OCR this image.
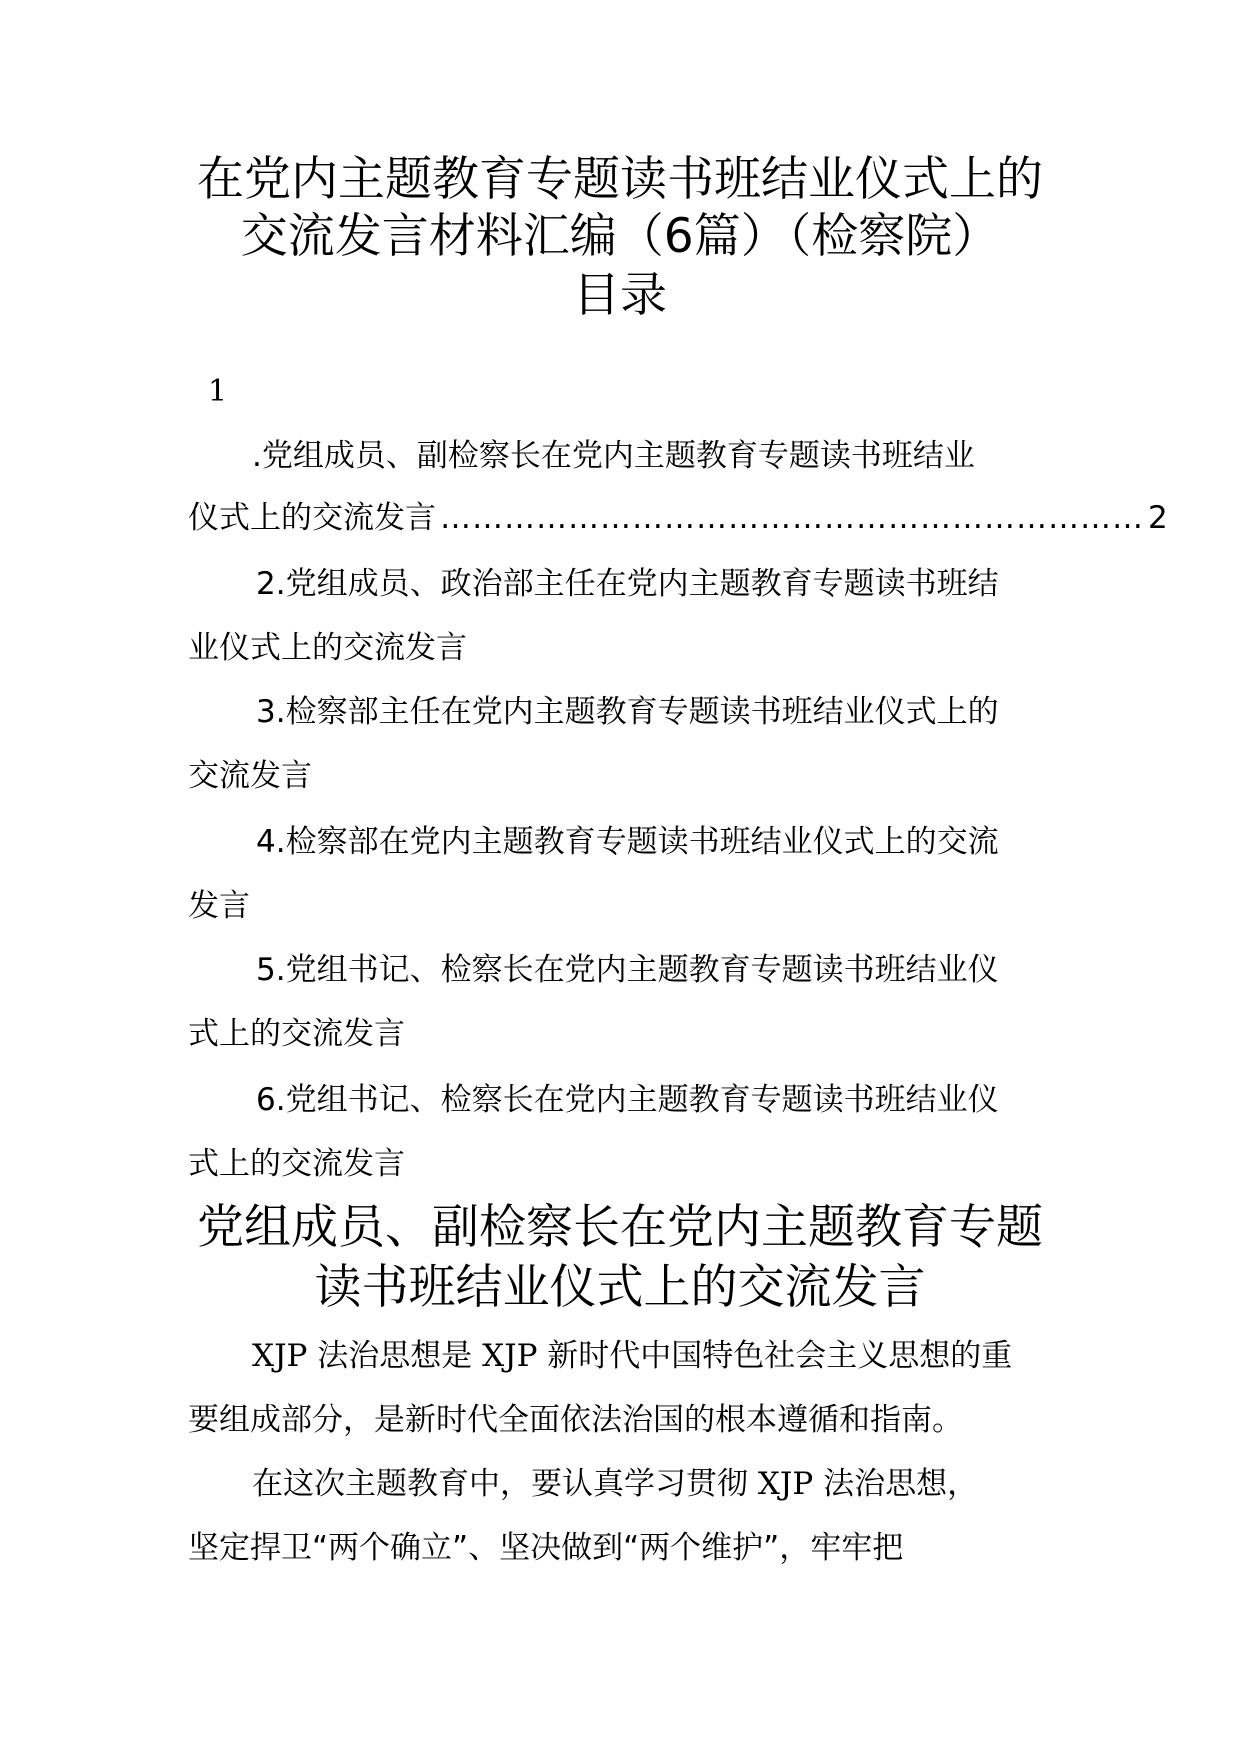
在党内主题教育专题读书班结业仪式上的
交流发言材料汇编（6篇）（检察院）
目录
1
.党组成员、副检察长在党内主题教育专题读书班结业
仪式上的交流发言 ………………………………………………………… 2
2.党组成员、政治部主任在党内主题教育专题读书班结
业仪式上的交流发言
3.检察部主任在党内主题教育专题读书班结业仪式上的
交流发言
4.检察部在党内主题教育专题读书班结业仪式上的交流
发言
5.党组书记、检察长在党内主题教育专题读书班结业仪
式上的交流发言
6.党组书记、检察长在党内主题教育专题读书班结业仪
式上的交流发言
党组成员、副检察长在党内主题教育专题
读书班结业仪式上的交流发言
XJP 法治思想是 XJP 新时代中国特色社会主义思想的重
要组成部分，是新时代全面依法治国的根本遵循和指南。
在这次主题教育中，要认真学习贯彻 XJP 法治思想，
坚定捍卫“两个确立”、坚决做到“两个维护”，牢牢把
